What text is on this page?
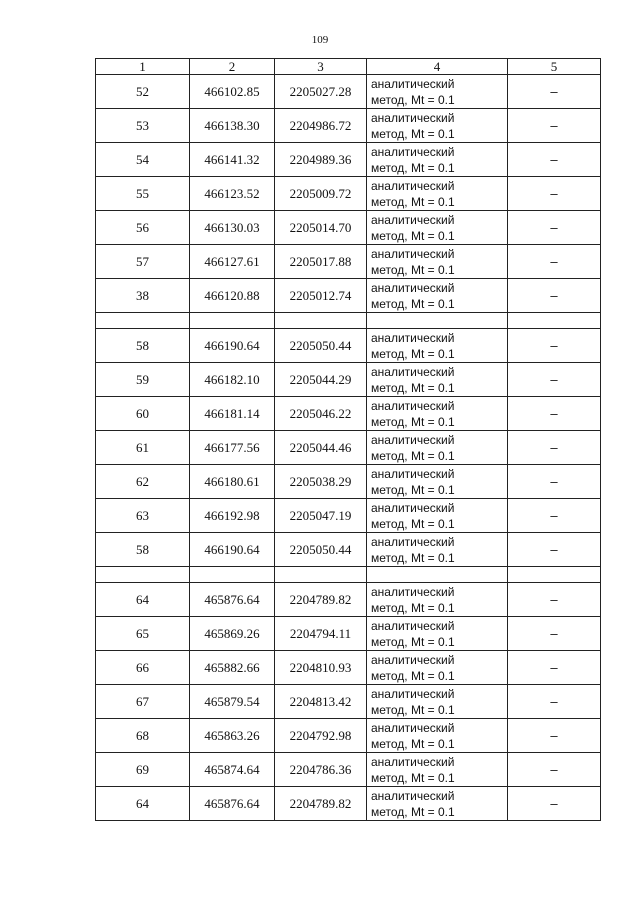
109
1	2	3	4	5
52	466102.85	2205027.28	аналитический
метод, Mt = 0.1	–
53	466138.30	2204986.72	аналитический
метод, Mt = 0.1	–
54	466141.32	2204989.36	аналитический
метод, Mt = 0.1	–
55	466123.52	2205009.72	аналитический
метод, Mt = 0.1	–
56	466130.03	2205014.70	аналитический
метод, Mt = 0.1	–
57	466127.61	2205017.88	аналитический
метод, Mt = 0.1	–
38	466120.88	2205012.74	аналитический
метод, Mt = 0.1	–

58	466190.64	2205050.44	аналитический
метод, Mt = 0.1	–
59	466182.10	2205044.29	аналитический
метод, Mt = 0.1	–
60	466181.14	2205046.22	аналитический
метод, Mt = 0.1	–
61	466177.56	2205044.46	аналитический
метод, Mt = 0.1	–
62	466180.61	2205038.29	аналитический
метод, Mt = 0.1	–
63	466192.98	2205047.19	аналитический
метод, Mt = 0.1	–
58	466190.64	2205050.44	аналитический
метод, Mt = 0.1	–

64	465876.64	2204789.82	аналитический
метод, Mt = 0.1	–
65	465869.26	2204794.11	аналитический
метод, Mt = 0.1	–
66	465882.66	2204810.93	аналитический
метод, Mt = 0.1	–
67	465879.54	2204813.42	аналитический
метод, Mt = 0.1	–
68	465863.26	2204792.98	аналитический
метод, Mt = 0.1	–
69	465874.64	2204786.36	аналитический
метод, Mt = 0.1	–
64	465876.64	2204789.82	аналитический
метод, Mt = 0.1	–
